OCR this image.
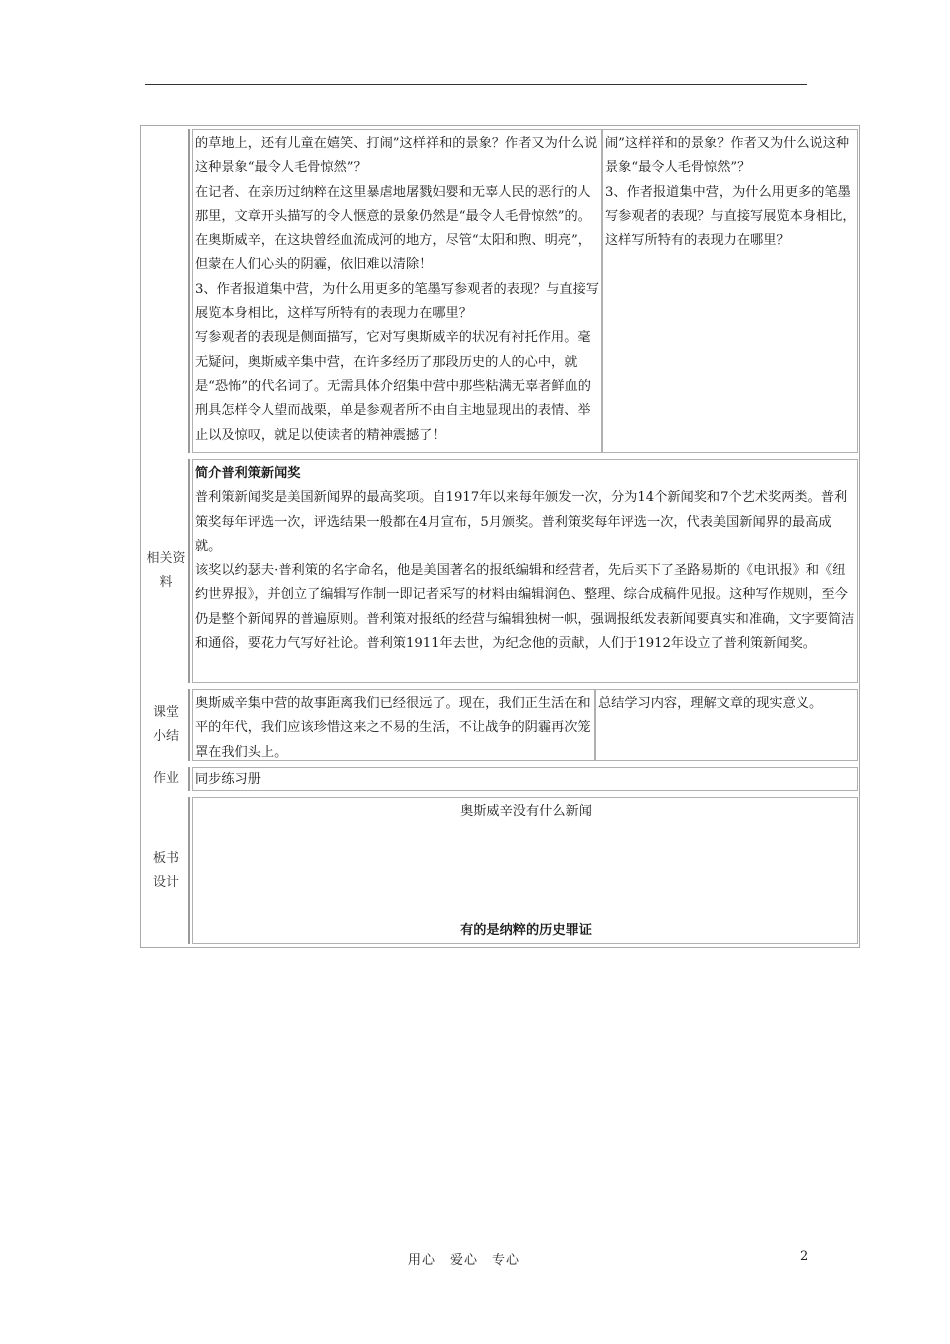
的草地上，还有儿童在嬉笑、打闹”这样祥和的景象？作者又为什么说这种景象“最令人毛骨惊然”？

在记者、在亲历过纳粹在这里暴虐地屠戮妇婴和无辜人民的恶行的人那里，文章开头描写的令人惬意的景象仍然是“最令人毛骨惊然”的。在奥斯威辛，在这块曾经血流成河的地方，尽管“太阳和煦、明亮”，但蒙在人们心头的阴霾，依旧难以清除！

3、作者报道集中营，为什么用更多的笔墨写参观者的表现？与直接写展览本身相比，这样写所特有的表现力在哪里？

写参观者的表现是侧面描写，它对写奥斯威辛的状况有衬托作用。毫无疑问，奥斯威辛集中营，在许多经历了那段历史的人的心中，就是“恐怖”的代名词了。无需具体介绍集中营中那些粘满无辜者鲜血的刑具怎样令人望而战栗，单是参观者所不由自主地显现出的表情、举止以及惊叹，就足以使读者的精神震撼了！

闹”这样祥和的景象？作者又为什么说这种景象“最令人毛骨惊然”？

3、作者报道集中营，为什么用更多的笔墨写参观者的表现？与直接写展览本身相比，这样写所特有的表现力在哪里？

相关资料

简介普利策新闻奖

普利策新闻奖是美国新闻界的最高奖项。自1917年以来每年颁发一次，分为14个新闻奖和7个艺术奖两类。普利策奖每年评选一次，评选结果一般都在4月宣布，5月颁奖。普利策奖每年评选一次，代表美国新闻界的最高成就。

该奖以约瑟夫·普利策的名字命名，他是美国著名的报纸编辑和经营者，先后买下了圣路易斯的《电讯报》和《纽约世界报》，并创立了编辑写作制一即记者采写的材料由编辑润色、整理、综合成稿件见报。这种写作规则，至今仍是整个新闻界的普遍原则。普利策对报纸的经营与编辑独树一帜，强调报纸发表新闻要真实和准确，文字要简洁和通俗，要花力气写好社论。普利策1911年去世，为纪念他的贡献，人们于1912年设立了普利策新闻奖。

课堂小结

奥斯威辛集中营的故事距离我们已经很远了。现在，我们正生活在和平的年代，我们应该珍惜这来之不易的生活，不让战争的阴霾再次笼罩在我们头上。

总结学习内容，理解文章的现实意义。

作业	同步练习册

板书设计

奥斯威辛没有什么新闻

有的是纳粹的历史罪证

用心　爱心　专心	2
